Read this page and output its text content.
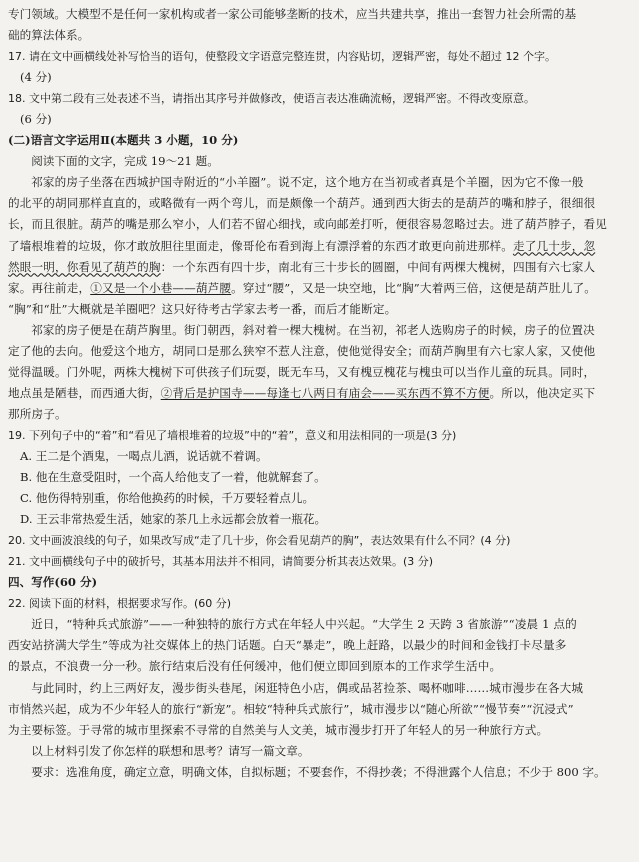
专门领域。大模型不是任何一家机构或者一家公司能够垄断的技术，应当共建共享，推出一套智力社会所需的基
础的算法体系。
17. 请在文中画横线处补写恰当的语句，使整段文字语意完整连贯，内容贴切，逻辑严密，每处不超过 12 个字。
(4 分)
18. 文中第二段有三处表述不当，请指出其序号并做修改，使语言表达准确流畅，逻辑严密。不得改变原意。
(6 分)
(二)语言文字运用Ⅱ(本题共 3 小题，10 分)
阅读下面的文字，完成 19～21 题。
祁家的房子坐落在西城护国寺附近的“小羊圈”。说不定，这个地方在当初或者真是个羊圈，因为它不像一般
的北平的胡同那样直直的，或略微有一两个弯儿，而是颇像一个葫芦。通到西大街去的是葫芦的嘴和脖子，很细很
长，而且很脏。葫芦的嘴是那么窄小，人们若不留心细找，或向邮差打听，便很容易忽略过去。进了葫芦脖子，看见
了墙根堆着的垃圾，你才敢放胆往里面走，像哥伦布看到海上有漂浮着的东西才敢更向前进那样。走了几十步，忽
然眼一明，你看见了葫芦的胸：一个东西有四十步，南北有三十步长的圆圈，中间有两棵大槐树，四围有六七家人
家。再往前走，①又是一个小巷——葫芦腰。穿过“腰”，又是一块空地，比“胸”大着两三倍，这便是葫芦肚儿了。
“胸”和“肚”大概就是羊圈吧？这只好待考古学家去考一番，而后才能断定。
祁家的房子便是在葫芦胸里。街门朝西，斜对着一棵大槐树。在当初，祁老人选购房子的时候，房子的位置决
定了他的去向。他爱这个地方，胡同口是那么狭窄不惹人注意，使他觉得安全；而葫芦胸里有六七家人家，又使他
觉得温暖。门外呢，两株大槐树下可供孩子们玩耍，既无车马，又有槐豆槐花与槐虫可以当作儿童的玩具。同时，
地点虽是陋巷，而西通大街，②背后是护国寺——每逢七八两日有庙会——买东西不算不方便。所以，他决定买下
那所房子。
19. 下列句子中的“着”和“看见了墙根堆着的垃圾”中的“着”，意义和用法相同的一项是(3 分)
A. 王二是个酒鬼，一喝点儿酒，说话就不着调。
B. 他在生意受阻时，一个高人给他支了一着，他就解套了。
C. 他伤得特别重，你给他换药的时候，千万要轻着点儿。
D. 王云非常热爱生活，她家的茶几上永远都会放着一瓶花。
20. 文中画波浪线的句子，如果改写成“走了几十步，你会看见葫芦的胸”，表达效果有什么不同？(4 分)
21. 文中画横线句子中的破折号，其基本用法并不相同，请简要分析其表达效果。(3 分)
四、写作(60 分)
22. 阅读下面的材料，根据要求写作。(60 分)
近日，“特种兵式旅游”——一种独特的旅行方式在年轻人中兴起。“大学生 2 天跨 3 省旅游”“凌晨 1 点的
西安站挤满大学生”等成为社交媒体上的热门话题。白天“暴走”，晚上赶路，以最少的时间和金钱打卡尽量多
的景点，不浪费一分一秒。旅行结束后没有任何缓冲，他们便立即回到原本的工作求学生活中。
与此同时，约上三两好友，漫步街头巷尾，闲逛特色小店，偶或品茗捡茶、喝杯咖啡……城市漫步在各大城
市悄然兴起，成为不少年轻人的旅行“新宠”。相较“特种兵式旅行”，城市漫步以“随心所欲”“慢节奏”“沉浸式”
为主要标签。于寻常的城市里探索不寻常的自然美与人文美，城市漫步打开了年轻人的另一种旅行方式。
以上材料引发了你怎样的联想和思考？请写一篇文章。
要求：选准角度，确定立意，明确文体，自拟标题；不要套作，不得抄袭；不得泄露个人信息；不少于 800 字。
